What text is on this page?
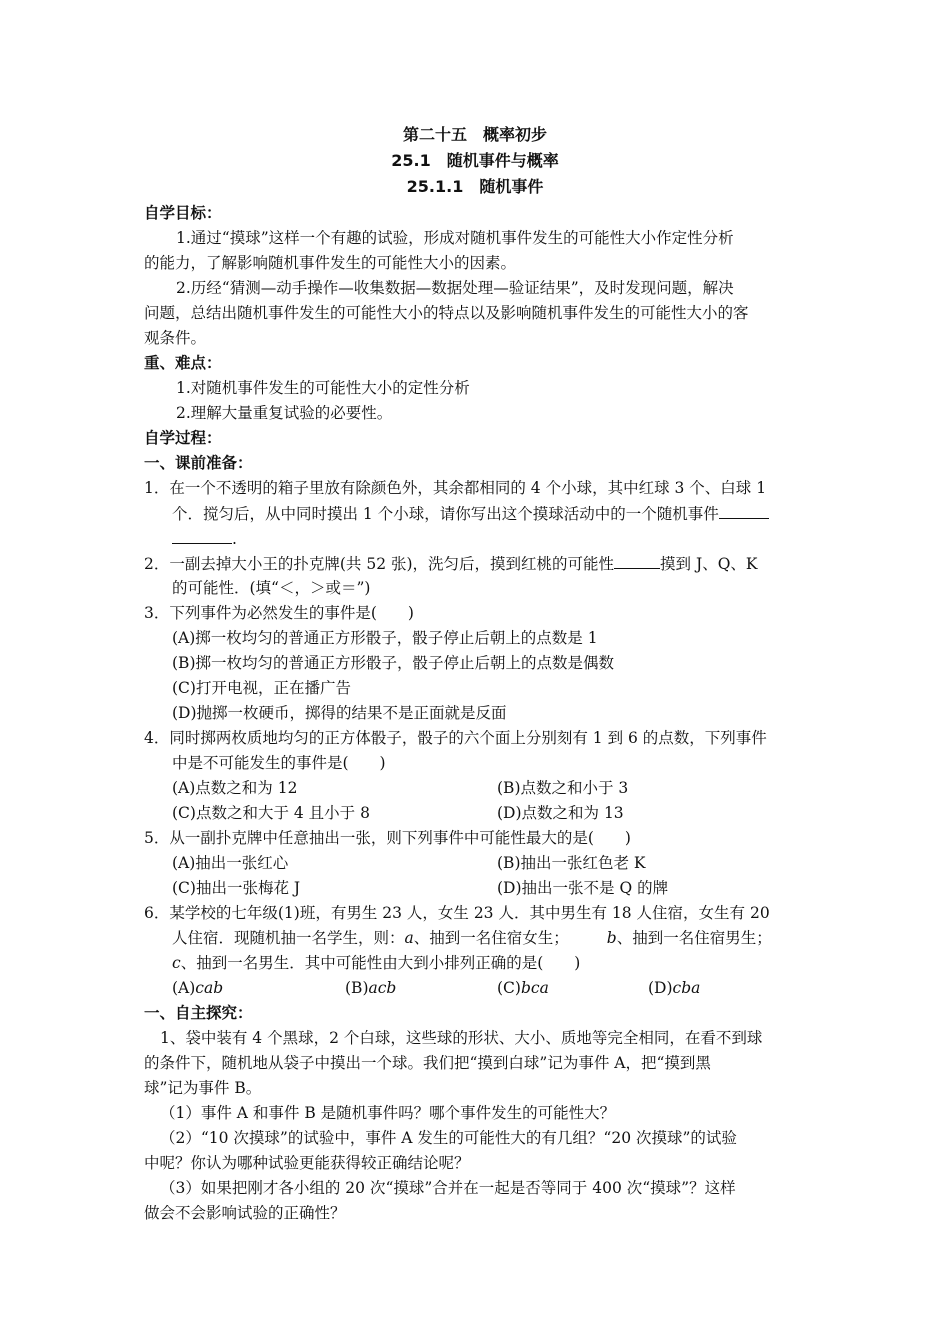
第二十五　概率初步
25.1　随机事件与概率
25.1.1　随机事件
自学目标：
1.通过“摸球”这样一个有趣的试验，形成对随机事件发生的可能性大小作定性分析
的能力，了解影响随机事件发生的可能性大小的因素。
2.历经“猜测—动手操作—收集数据—数据处理—验证结果”，及时发现问题，解决
问题，总结出随机事件发生的可能性大小的特点以及影响随机事件发生的可能性大小的客
观条件。
重、难点：
1.对随机事件发生的可能性大小的定性分析
2.理解大量重复试验的必要性。
自学过程：
一、课前准备：
1．在一个不透明的箱子里放有除颜色外，其余都相同的 4 个小球，其中红球 3 个、白球 1
个．搅匀后，从中同时摸出 1 个小球，请你写出这个摸球活动中的一个随机事件
.
2．一副去掉大小王的扑克牌(共 52 张)，洗匀后，摸到红桃的可能性	摸到 J、Q、K
的可能性．(填“＜，＞或＝”)
3．下列事件为必然发生的事件是(　　)
(A)掷一枚均匀的普通正方形骰子，骰子停止后朝上的点数是 1
(B)掷一枚均匀的普通正方形骰子，骰子停止后朝上的点数是偶数
(C)打开电视，正在播广告
(D)抛掷一枚硬币，掷得的结果不是正面就是反面
4．同时掷两枚质地均匀的正方体骰子，骰子的六个面上分别刻有 1 到 6 的点数，下列事件
中是不可能发生的事件是(　　)
(A)点数之和为 12	(B)点数之和小于 3
(C)点数之和大于 4 且小于 8	(D)点数之和为 13
5．从一副扑克牌中任意抽出一张，则下列事件中可能性最大的是(　　)
(A)抽出一张红心	(B)抽出一张红色老 K
(C)抽出一张梅花 J	(D)抽出一张不是 Q 的牌
6．某学校的七年级(1)班，有男生 23 人，女生 23 人．其中男生有 18 人住宿，女生有 20
人住宿．现随机抽一名学生，则：a、抽到一名住宿女生； b、抽到一名住宿男生；
c、抽到一名男生．其中可能性由大到小排列正确的是(　　)
(A)cab	(B)acb	(C)bca	(D)cba
一、自主探究：
1、袋中装有 4 个黑球，2 个白球，这些球的形状、大小、质地等完全相同，在看不到球
的条件下，随机地从袋子中摸出一个球。我们把“摸到白球”记为事件 A，把“摸到黑
球”记为事件 B。
（1）事件 A 和事件 B 是随机事件吗？哪个事件发生的可能性大？
（2）“10 次摸球”的试验中，事件 A 发生的可能性大的有几组？“20 次摸球”的试验
中呢？你认为哪种试验更能获得较正确结论呢？
（3）如果把刚才各小组的 20 次“摸球”合并在一起是否等同于 400 次“摸球”？这样
做会不会影响试验的正确性？
